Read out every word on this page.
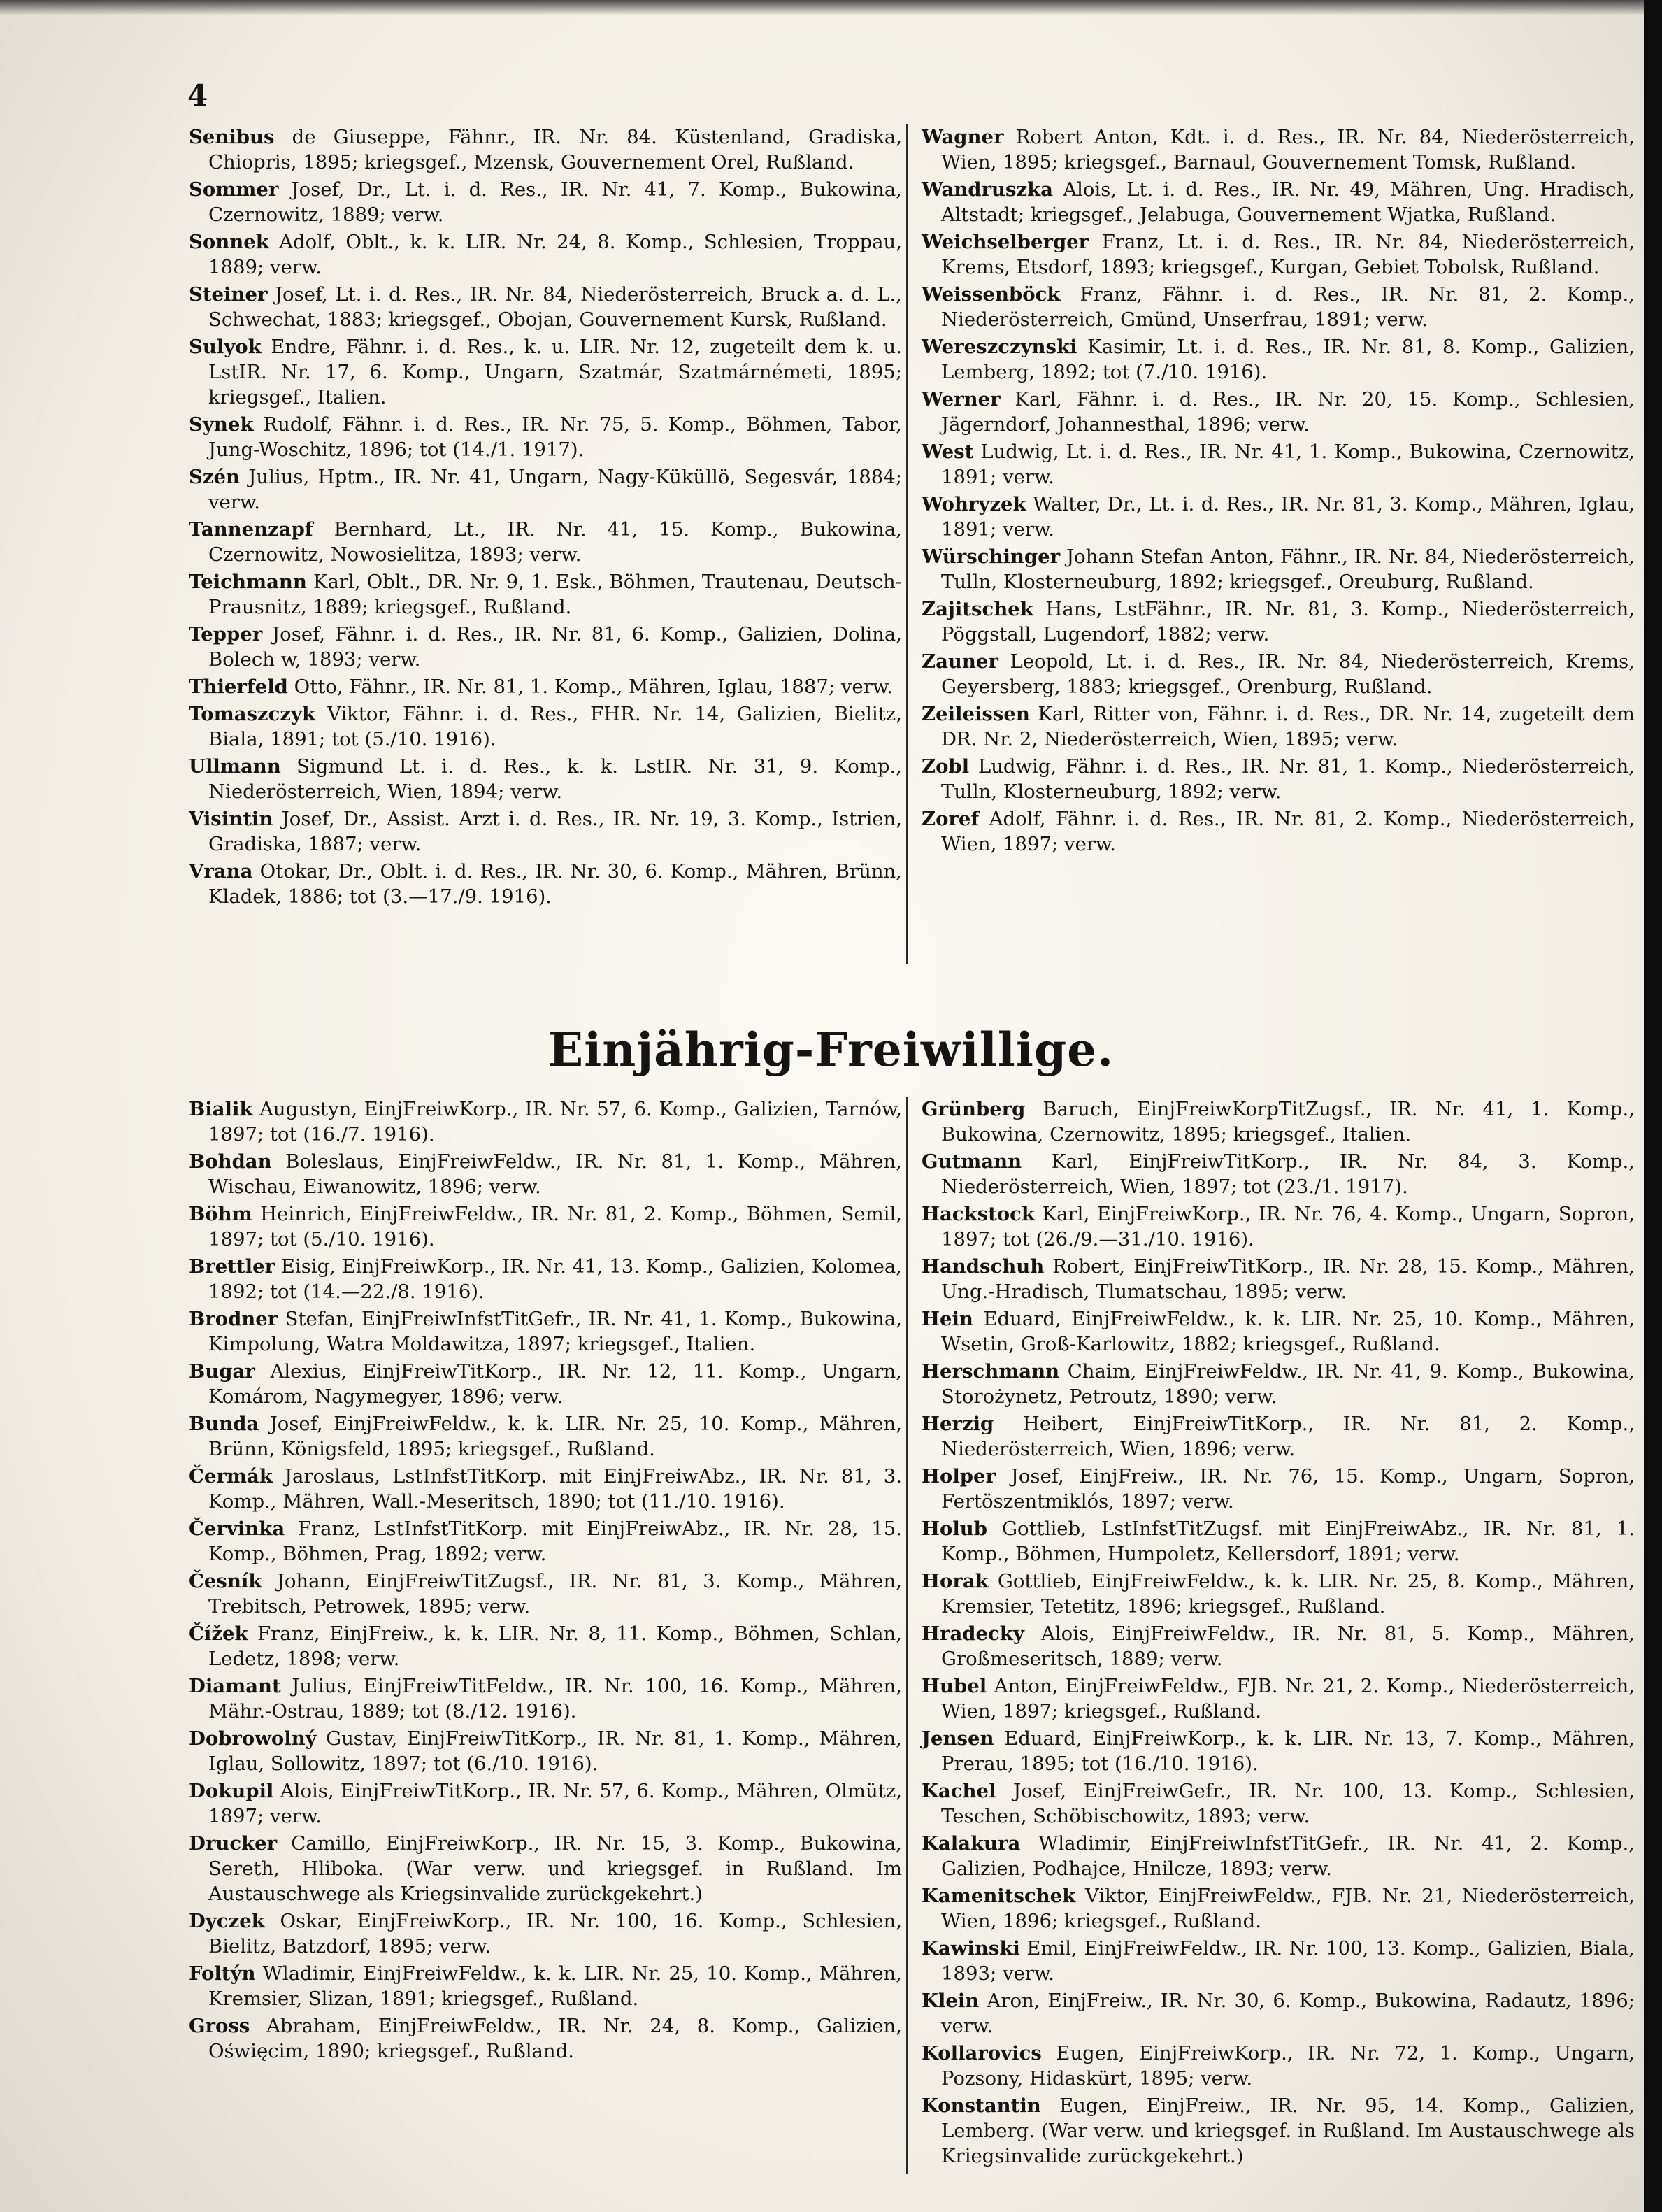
4

Senibus de Giuseppe, Fähnr., IR. Nr. 84. Küstenland, Gradiska, Chiopris, 1895; kriegsgef., Mzensk, Gouvernement Orel, Rußland.

Sommer Josef, Dr., Lt. i. d. Res., IR. Nr. 41, 7. Komp., Bukowina, Czernowitz, 1889; verw.

Sonnek Adolf, Oblt., k. k. LIR. Nr. 24, 8. Komp., Schlesien, Troppau, 1889; verw.

Steiner Josef, Lt. i. d. Res., IR. Nr. 84, Niederösterreich, Bruck a. d. L., Schwechat, 1883; kriegsgef., Obojan, Gouvernement Kursk, Rußland.

Sulyok Endre, Fähnr. i. d. Res., k. u. LIR. Nr. 12, zugeteilt dem k. u. LstIR. Nr. 17, 6. Komp., Ungarn, Szatmár, Szatmárnémeti, 1895; kriegsgef., Italien.

Synek Rudolf, Fähnr. i. d. Res., IR. Nr. 75, 5. Komp., Böhmen, Tabor, Jung-Woschitz, 1896; tot (14./1. 1917).

Szén Julius, Hptm., IR. Nr. 41, Ungarn, Nagy-Küküllö, Segesvár, 1884; verw.

Tannenzapf Bernhard, Lt., IR. Nr. 41, 15. Komp., Bukowina, Czernowitz, Nowosielitza, 1893; verw.

Teichmann Karl, Oblt., DR. Nr. 9, 1. Esk., Böhmen, Trautenau, Deutsch-Prausnitz, 1889; kriegsgef., Rußland.

Tepper Josef, Fähnr. i. d. Res., IR. Nr. 81, 6. Komp., Galizien, Dolina, Bolech w, 1893; verw.

Thierfeld Otto, Fähnr., IR. Nr. 81, 1. Komp., Mähren, Iglau, 1887; verw.

Tomaszczyk Viktor, Fähnr. i. d. Res., FHR. Nr. 14, Galizien, Bielitz, Biala, 1891; tot (5./10. 1916).

Ullmann Sigmund Lt. i. d. Res., k. k. LstIR. Nr. 31, 9. Komp., Niederösterreich, Wien, 1894; verw.

Visintin Josef, Dr., Assist. Arzt i. d. Res., IR. Nr. 19, 3. Komp., Istrien, Gradiska, 1887; verw.

Vrana Otokar, Dr., Oblt. i. d. Res., IR. Nr. 30, 6. Komp., Mähren, Brünn, Kladek, 1886; tot (3.—17./9. 1916).

Wagner Robert Anton, Kdt. i. d. Res., IR. Nr. 84, Niederösterreich, Wien, 1895; kriegsgef., Barnaul, Gouvernement Tomsk, Rußland.

Wandruszka Alois, Lt. i. d. Res., IR. Nr. 49, Mähren, Ung. Hradisch, Altstadt; kriegsgef., Jelabuga, Gouvernement Wjatka, Rußland.

Weichselberger Franz, Lt. i. d. Res., IR. Nr. 84, Niederösterreich, Krems, Etsdorf, 1893; kriegsgef., Kurgan, Gebiet Tobolsk, Rußland.

Weissenböck Franz, Fähnr. i. d. Res., IR. Nr. 81, 2. Komp., Niederösterreich, Gmünd, Unserfrau, 1891; verw.

Wereszczynski Kasimir, Lt. i. d. Res., IR. Nr. 81, 8. Komp., Galizien, Lemberg, 1892; tot (7./10. 1916).

Werner Karl, Fähnr. i. d. Res., IR. Nr. 20, 15. Komp., Schlesien, Jägerndorf, Johannesthal, 1896; verw.

West Ludwig, Lt. i. d. Res., IR. Nr. 41, 1. Komp., Bukowina, Czernowitz, 1891; verw.

Wohryzek Walter, Dr., Lt. i. d. Res., IR. Nr. 81, 3. Komp., Mähren, Iglau, 1891; verw.

Würschinger Johann Stefan Anton, Fähnr., IR. Nr. 84, Niederösterreich, Tulln, Klosterneuburg, 1892; kriegsgef., Oreuburg, Rußland.

Zajitschek Hans, LstFähnr., IR. Nr. 81, 3. Komp., Niederösterreich, Pöggstall, Lugendorf, 1882; verw.

Zauner Leopold, Lt. i. d. Res., IR. Nr. 84, Niederösterreich, Krems, Geyersberg, 1883; kriegsgef., Orenburg, Rußland.

Zeileissen Karl, Ritter von, Fähnr. i. d. Res., DR. Nr. 14, zugeteilt dem DR. Nr. 2, Niederösterreich, Wien, 1895; verw.

Zobl Ludwig, Fähnr. i. d. Res., IR. Nr. 81, 1. Komp., Niederösterreich, Tulln, Klosterneuburg, 1892; verw.

Zoref Adolf, Fähnr. i. d. Res., IR. Nr. 81, 2. Komp., Niederösterreich, Wien, 1897; verw.

Einjährig-Freiwillige.

Bialik Augustyn, EinjFreiwKorp., IR. Nr. 57, 6. Komp., Galizien, Tarnów, 1897; tot (16./7. 1916).

Bohdan Boleslaus, EinjFreiwFeldw., IR. Nr. 81, 1. Komp., Mähren, Wischau, Eiwanowitz, 1896; verw.

Böhm Heinrich, EinjFreiwFeldw., IR. Nr. 81, 2. Komp., Böhmen, Semil, 1897; tot (5./10. 1916).

Brettler Eisig, EinjFreiwKorp., IR. Nr. 41, 13. Komp., Galizien, Kolomea, 1892; tot (14.—22./8. 1916).

Brodner Stefan, EinjFreiwInfstTitGefr., IR. Nr. 41, 1. Komp., Bukowina, Kimpolung, Watra Moldawitza, 1897; kriegsgef., Italien.

Bugar Alexius, EinjFreiwTitKorp., IR. Nr. 12, 11. Komp., Ungarn, Komárom, Nagymegyer, 1896; verw.

Bunda Josef, EinjFreiwFeldw., k. k. LIR. Nr. 25, 10. Komp., Mähren, Brünn, Königsfeld, 1895; kriegsgef., Rußland.

Čermák Jaroslaus, LstInfstTitKorp. mit EinjFreiwAbz., IR. Nr. 81, 3. Komp., Mähren, Wall.-Meseritsch, 1890; tot (11./10. 1916).

Červinka Franz, LstInfstTitKorp. mit EinjFreiwAbz., IR. Nr. 28, 15. Komp., Böhmen, Prag, 1892; verw.

Česník Johann, EinjFreiwTitZugsf., IR. Nr. 81, 3. Komp., Mähren, Trebitsch, Petrowek, 1895; verw.

Čížek Franz, EinjFreiw., k. k. LIR. Nr. 8, 11. Komp., Böhmen, Schlan, Ledetz, 1898; verw.

Diamant Julius, EinjFreiwTitFeldw., IR. Nr. 100, 16. Komp., Mähren, Mähr.-Ostrau, 1889; tot (8./12. 1916).

Dobrowolný Gustav, EinjFreiwTitKorp., IR. Nr. 81, 1. Komp., Mähren, Iglau, Sollowitz, 1897; tot (6./10. 1916).

Dokupil Alois, EinjFreiwTitKorp., IR. Nr. 57, 6. Komp., Mähren, Olmütz, 1897; verw.

Drucker Camillo, EinjFreiwKorp., IR. Nr. 15, 3. Komp., Bukowina, Sereth, Hliboka. (War verw. und kriegsgef. in Rußland. Im Austauschwege als Kriegsinvalide zurückgekehrt.)

Dyczek Oskar, EinjFreiwKorp., IR. Nr. 100, 16. Komp., Schlesien, Bielitz, Batzdorf, 1895; verw.

Foltýn Wladimir, EinjFreiwFeldw., k. k. LIR. Nr. 25, 10. Komp., Mähren, Kremsier, Slizan, 1891; kriegsgef., Rußland.

Gross Abraham, EinjFreiwFeldw., IR. Nr. 24, 8. Komp., Galizien, Oświęcim, 1890; kriegsgef., Rußland.

Grünberg Baruch, EinjFreiwKorpTitZugsf., IR. Nr. 41, 1. Komp., Bukowina, Czernowitz, 1895; kriegsgef., Italien.

Gutmann Karl, EinjFreiwTitKorp., IR. Nr. 84, 3. Komp., Niederösterreich, Wien, 1897; tot (23./1. 1917).

Hackstock Karl, EinjFreiwKorp., IR. Nr. 76, 4. Komp., Ungarn, Sopron, 1897; tot (26./9.—31./10. 1916).

Handschuh Robert, EinjFreiwTitKorp., IR. Nr. 28, 15. Komp., Mähren, Ung.-Hradisch, Tlumatschau, 1895; verw.

Hein Eduard, EinjFreiwFeldw., k. k. LIR. Nr. 25, 10. Komp., Mähren, Wsetin, Groß-Karlowitz, 1882; kriegsgef., Rußland.

Herschmann Chaim, EinjFreiwFeldw., IR. Nr. 41, 9. Komp., Bukowina, Storożynetz, Petroutz, 1890; verw.

Herzig Heibert, EinjFreiwTitKorp., IR. Nr. 81, 2. Komp., Niederösterreich, Wien, 1896; verw.

Holper Josef, EinjFreiw., IR. Nr. 76, 15. Komp., Ungarn, Sopron, Fertöszentmiklós, 1897; verw.

Holub Gottlieb, LstInfstTitZugsf. mit EinjFreiwAbz., IR. Nr. 81, 1. Komp., Böhmen, Humpoletz, Kellersdorf, 1891; verw.

Horak Gottlieb, EinjFreiwFeldw., k. k. LIR. Nr. 25, 8. Komp., Mähren, Kremsier, Tetetitz, 1896; kriegsgef., Rußland.

Hradecky Alois, EinjFreiwFeldw., IR. Nr. 81, 5. Komp., Mähren, Großmeseritsch, 1889; verw.

Hubel Anton, EinjFreiwFeldw., FJB. Nr. 21, 2. Komp., Niederösterreich, Wien, 1897; kriegsgef., Rußland.

Jensen Eduard, EinjFreiwKorp., k. k. LIR. Nr. 13, 7. Komp., Mähren, Prerau, 1895; tot (16./10. 1916).

Kachel Josef, EinjFreiwGefr., IR. Nr. 100, 13. Komp., Schlesien, Teschen, Schöbischowitz, 1893; verw.

Kalakura Wladimir, EinjFreiwInfstTitGefr., IR. Nr. 41, 2. Komp., Galizien, Podhajce, Hnilcze, 1893; verw.

Kamenitschek Viktor, EinjFreiwFeldw., FJB. Nr. 21, Niederösterreich, Wien, 1896; kriegsgef., Rußland.

Kawinski Emil, EinjFreiwFeldw., IR. Nr. 100, 13. Komp., Galizien, Biala, 1893; verw.

Klein Aron, EinjFreiw., IR. Nr. 30, 6. Komp., Bukowina, Radautz, 1896; verw.

Kollarovics Eugen, EinjFreiwKorp., IR. Nr. 72, 1. Komp., Ungarn, Pozsony, Hidaskürt, 1895; verw.

Konstantin Eugen, EinjFreiw., IR. Nr. 95, 14. Komp., Galizien, Lemberg. (War verw. und kriegsgef. in Rußland. Im Austauschwege als Kriegsinvalide zurückgekehrt.)
